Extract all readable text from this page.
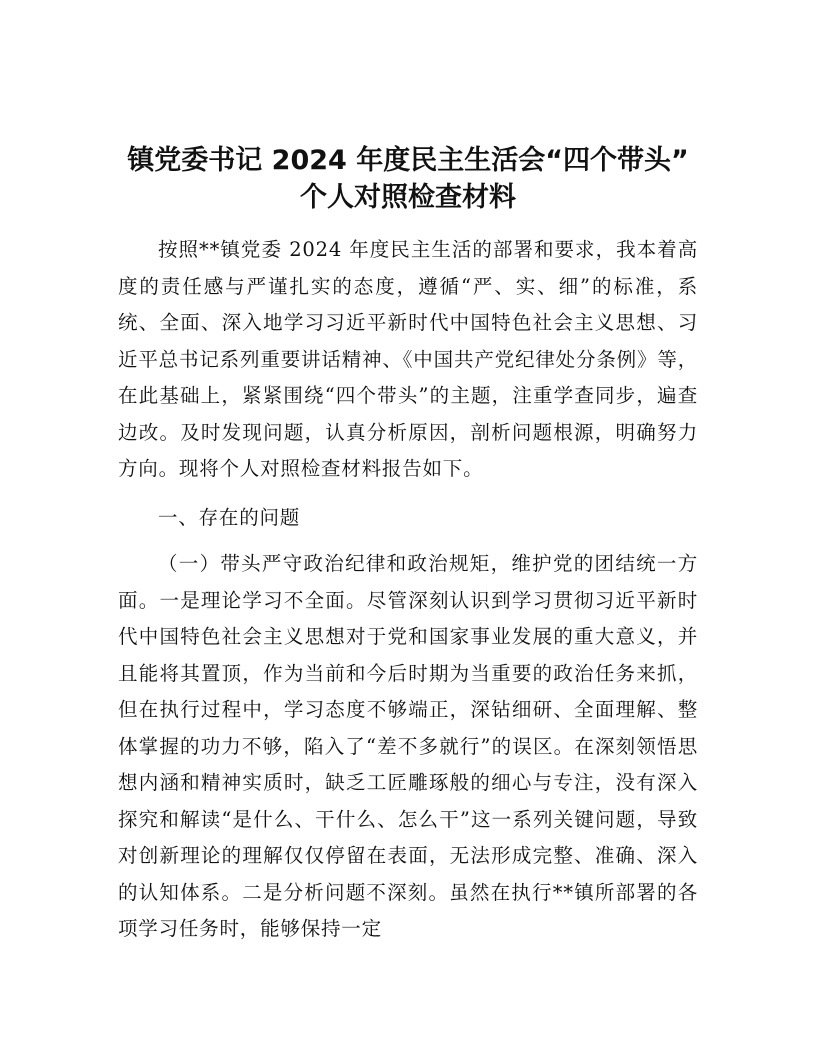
镇党委书记 2024 年度民主生活会“四个带头”
个人对照检查材料

按照**镇党委 2024 年度民主生活的部署和要求，我本着高度的责任感与严谨扎实的态度，遵循“严、实、细”的标准，系统、全面、深入地学习习近平新时代中国特色社会主义思想、习近平总书记系列重要讲话精神、《中国共产党纪律处分条例》等，在此基础上，紧紧围绕“四个带头”的主题，注重学查同步，遍查边改。及时发现问题，认真分析原因，剖析问题根源，明确努力方向。现将个人对照检查材料报告如下。

一、存在的问题

（一）带头严守政治纪律和政治规矩，维护党的团结统一方面。一是理论学习不全面。尽管深刻认识到学习贯彻习近平新时代中国特色社会主义思想对于党和国家事业发展的重大意义，并且能将其置顶，作为当前和今后时期为当重要的政治任务来抓，但在执行过程中，学习态度不够端正，深钻细研、全面理解、整体掌握的功力不够，陷入了“差不多就行”的误区。在深刻领悟思想内涵和精神实质时，缺乏工匠雕琢般的细心与专注，没有深入探究和解读“是什么、干什么、怎么干”这一系列关键问题，导致对创新理论的理解仅仅停留在表面，无法形成完整、准确、深入的认知体系。二是分析问题不深刻。虽然在执行**镇所部署的各项学习任务时，能够保持一定
